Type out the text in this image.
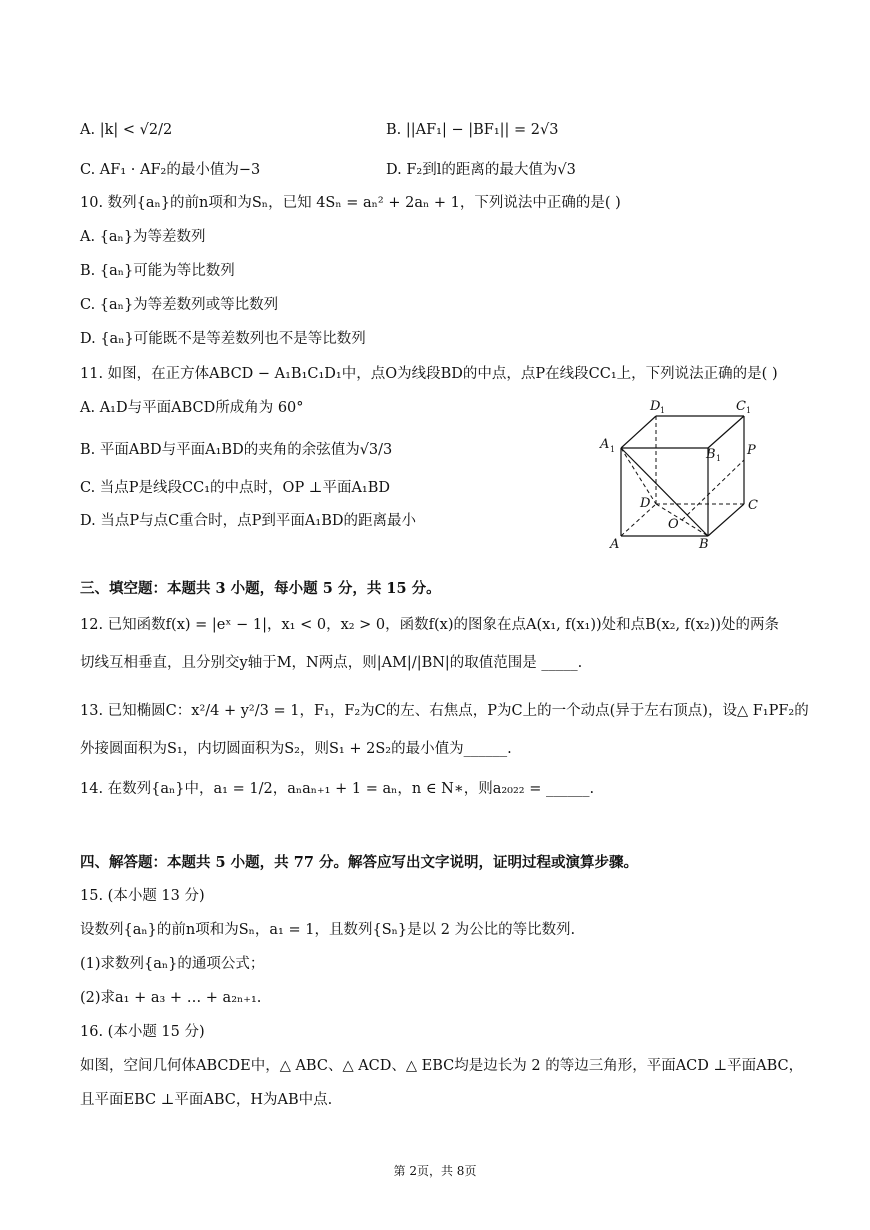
A. |k| < √2/2	B. ||AF₁| − |BF₁|| = 2√3
C. AF₁ · AF₂的最小值为−3	D. F₂到l的距离的最大值为√3
10. 数列{aₙ}的前n项和为Sₙ，已知 4Sₙ = aₙ² + 2aₙ + 1，下列说法中正确的是( )
A. {aₙ}为等差数列
B. {aₙ}可能为等比数列
C. {aₙ}为等差数列或等比数列
D. {aₙ}可能既不是等差数列也不是等比数列
11. 如图，在正方体ABCD − A₁B₁C₁D₁中，点O为线段BD的中点，点P在线段CC₁上，下列说法正确的是( )
A. A₁D与平面ABCD所成角为 60°
B. 平面ABD与平面A₁BD的夹角的余弦值为√3/3
C. 当点P是线段CC₁的中点时，OP ⊥平面A₁BD
D. 当点P与点C重合时，点P到平面A₁BD的距离最小
D 1	C 1
A 1	B 1
P
C
D
O
A	B
三、填空题：本题共 3 小题，每小题 5 分，共 15 分。
12. 已知函数f(x) = |eˣ − 1|，x₁ < 0，x₂ > 0，函数f(x)的图象在点A(x₁, f(x₁))处和点B(x₂, f(x₂))处的两条
切线互相垂直，且分别交y轴于M，N两点，则|AM|/|BN|的取值范围是 _____.
13. 已知椭圆C：x²/4 + y²/3 = 1，F₁，F₂为C的左、右焦点，P为C上的一个动点(异于左右顶点)，设△ F₁PF₂的
外接圆面积为S₁，内切圆面积为S₂，则S₁ + 2S₂的最小值为______.
14. 在数列{aₙ}中，a₁ = 1/2，aₙaₙ₊₁ + 1 = aₙ，n ∈ N∗，则a₂₀₂₂ = ______.
四、解答题：本题共 5 小题，共 77 分。解答应写出文字说明，证明过程或演算步骤。
15. (本小题 13 分)
设数列{aₙ}的前n项和为Sₙ，a₁ = 1，且数列{Sₙ}是以 2 为公比的等比数列.
(1)求数列{aₙ}的通项公式；
(2)求a₁ + a₃ + … + a₂ₙ₊₁.
16. (本小题 15 分)
如图，空间几何体ABCDE中，△ ABC、△ ACD、△ EBC均是边长为 2 的等边三角形，平面ACD ⊥平面ABC，
且平面EBC ⊥平面ABC，H为AB中点.
第 2页，共 8页
